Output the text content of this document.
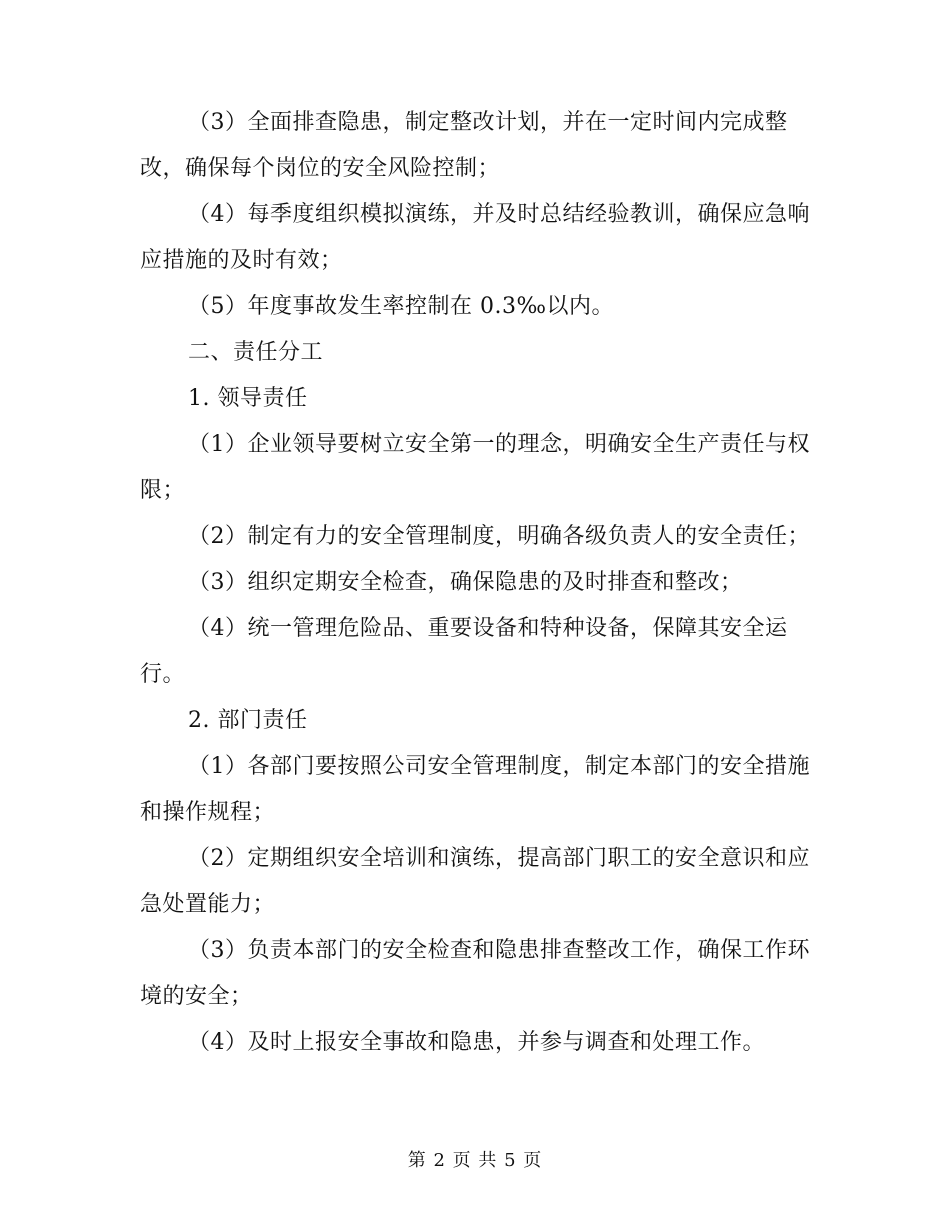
（3）全面排查隐患，制定整改计划，并在一定时间内完成整改，确保每个岗位的安全风险控制；

（4）每季度组织模拟演练，并及时总结经验教训，确保应急响应措施的及时有效；

（5）年度事故发生率控制在 0.3‰以内。

二、责任分工

1. 领导责任

（1）企业领导要树立安全第一的理念，明确安全生产责任与权限；

（2）制定有力的安全管理制度，明确各级负责人的安全责任；

（3）组织定期安全检查，确保隐患的及时排查和整改；

（4）统一管理危险品、重要设备和特种设备，保障其安全运行。

2. 部门责任

（1）各部门要按照公司安全管理制度，制定本部门的安全措施和操作规程；

（2）定期组织安全培训和演练，提高部门职工的安全意识和应急处置能力；

（3）负责本部门的安全检查和隐患排查整改工作，确保工作环境的安全；

（4）及时上报安全事故和隐患，并参与调查和处理工作。

第 2 页 共 5 页
